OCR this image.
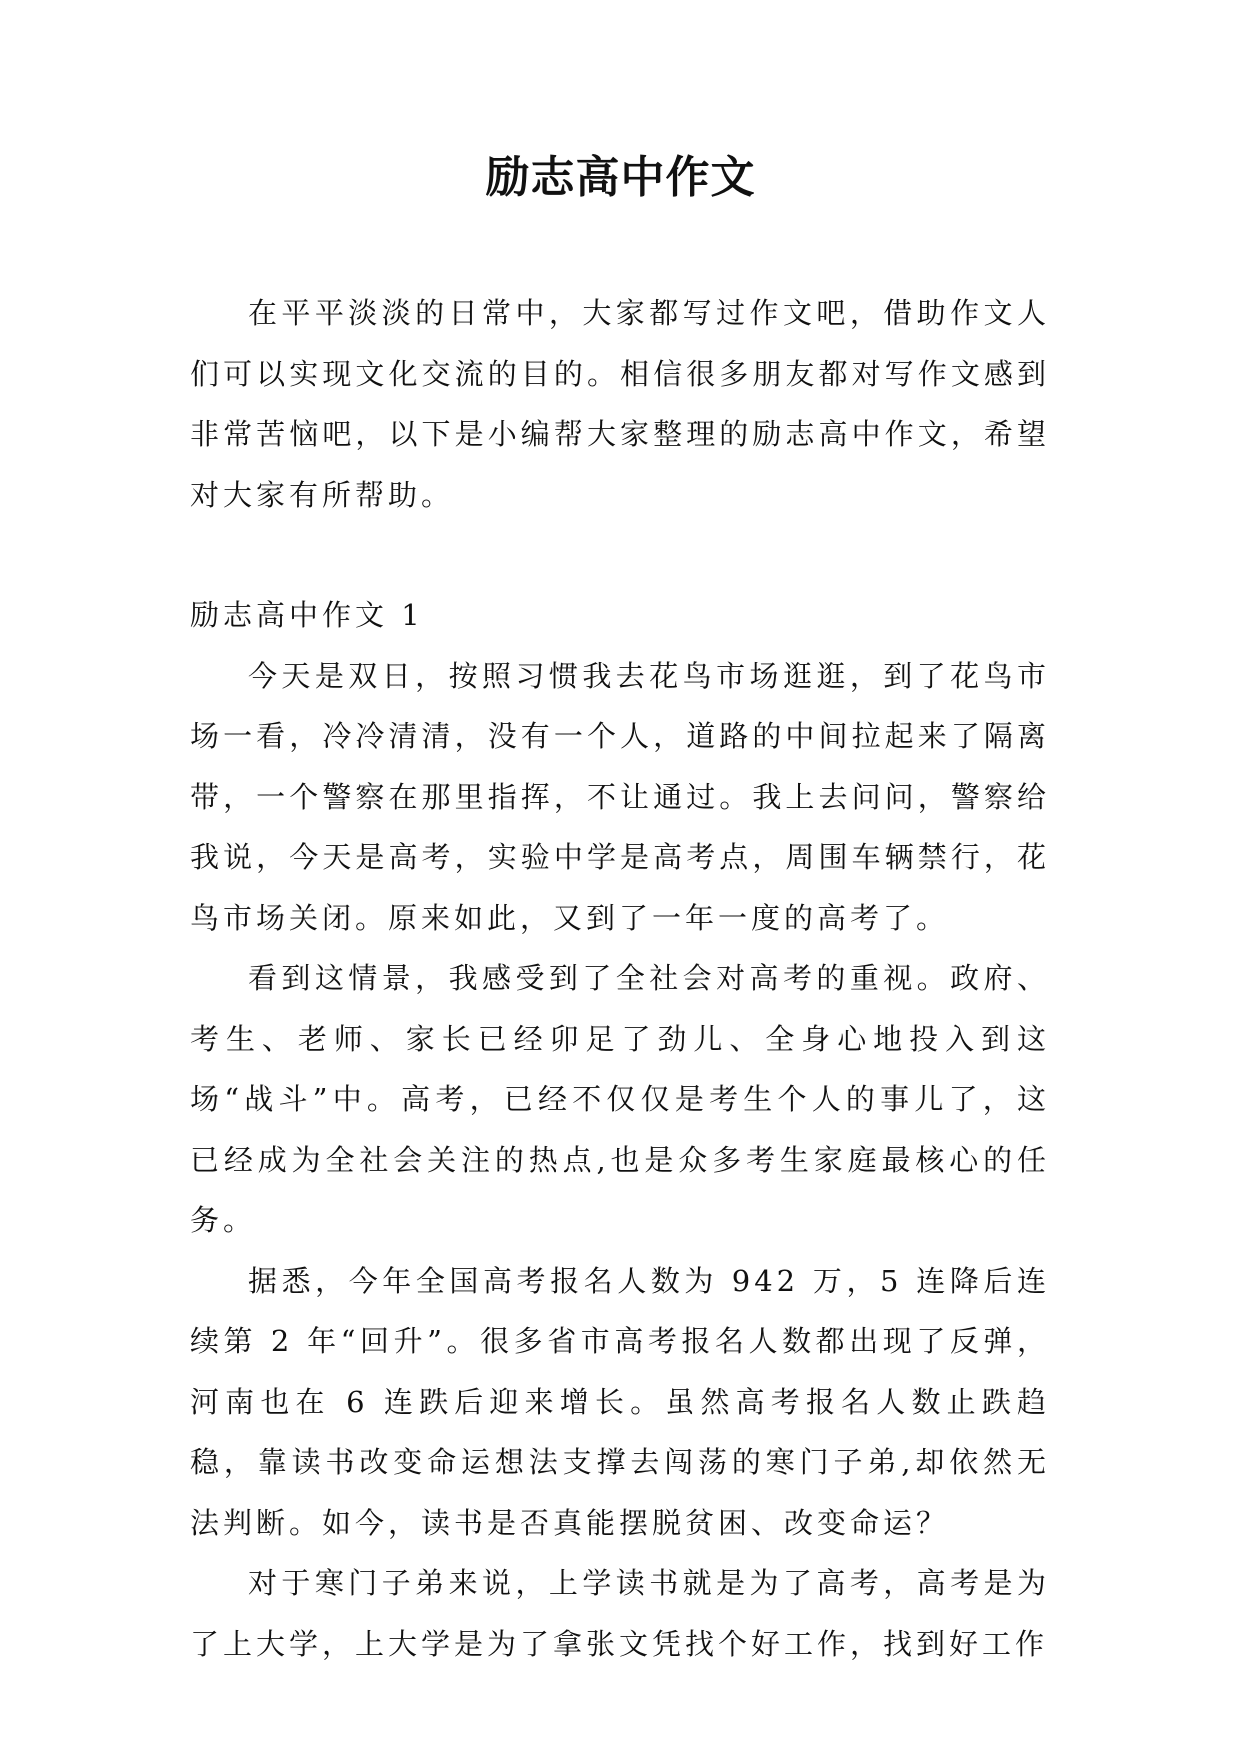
励志高中作文

在平平淡淡的日常中，大家都写过作文吧，借助作文人们可以实现文化交流的目的。相信很多朋友都对写作文感到非常苦恼吧，以下是小编帮大家整理的励志高中作文，希望对大家有所帮助。

励志高中作文 1

今天是双日，按照习惯我去花鸟市场逛逛，到了花鸟市场一看，冷冷清清，没有一个人，道路的中间拉起来了隔离带，一个警察在那里指挥，不让通过。我上去问问，警察给我说，今天是高考，实验中学是高考点，周围车辆禁行，花鸟市场关闭。原来如此，又到了一年一度的高考了。

看到这情景，我感受到了全社会对高考的重视。政府、考生、老师、家长已经卯足了劲儿、全身心地投入到这场“战斗”中。高考，已经不仅仅是考生个人的事儿了，这已经成为全社会关注的热点,也是众多考生家庭最核心的任务。

据悉，今年全国高考报名人数为 942 万，5 连降后连续第 2 年“回升”。很多省市高考报名人数都出现了反弹，河南也在 6 连跌后迎来增长。虽然高考报名人数止跌趋稳，靠读书改变命运想法支撑去闯荡的寒门子弟,却依然无法判断。如今，读书是否真能摆脱贫困、改变命运？

对于寒门子弟来说，上学读书就是为了高考，高考是为了上大学，上大学是为了拿张文凭找个好工作，找到好工作
